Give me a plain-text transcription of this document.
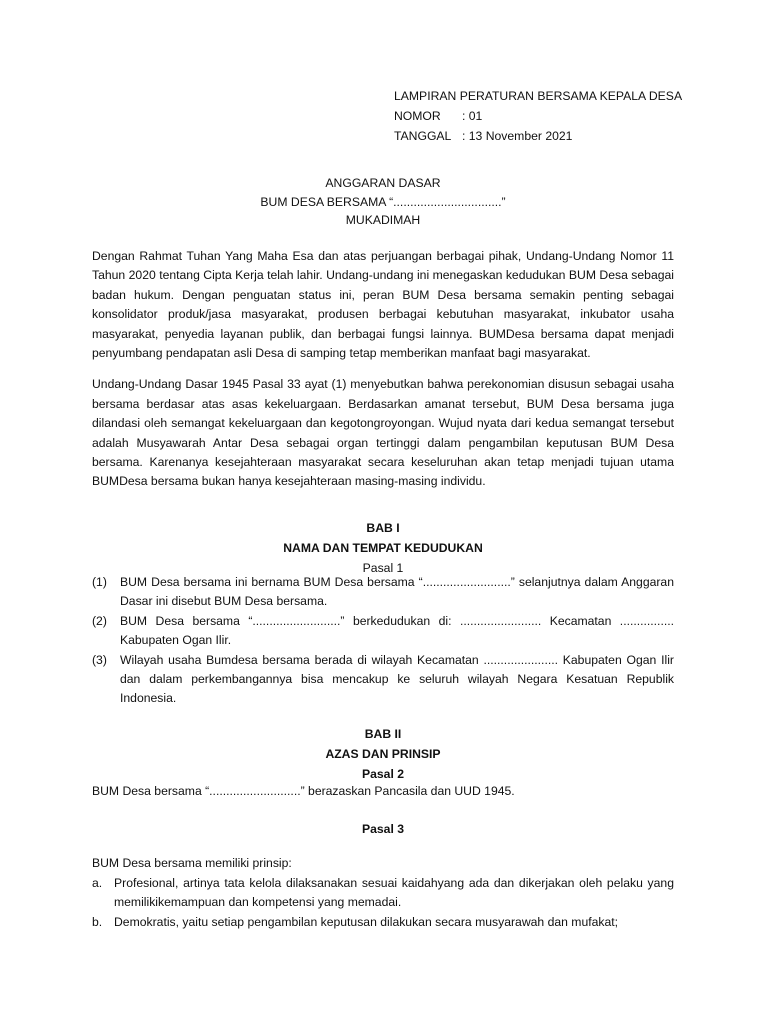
LAMPIRAN PERATURAN BERSAMA KEPALA DESA
NOMOR	: 01
TANGGAL : 13 November 2021
ANGGARAN DASAR
BUM DESA BERSAMA “................................”
MUKADIMAH

Dengan Rahmat Tuhan Yang Maha Esa dan atas perjuangan berbagai pihak, Undang-Undang Nomor 11 Tahun 2020 tentang Cipta Kerja telah lahir. Undang-undang ini menegaskan kedudukan BUM Desa sebagai badan hukum. Dengan penguatan status ini, peran BUM Desa bersama semakin penting sebagai konsolidator produk/jasa masyarakat, produsen berbagai kebutuhan masyarakat, inkubator usaha masyarakat, penyedia layanan publik, dan berbagai fungsi lainnya. BUMDesa bersama dapat menjadi penyumbang pendapatan asli Desa di samping tetap memberikan manfaat bagi masyarakat.

Undang-Undang Dasar 1945 Pasal 33 ayat (1) menyebutkan bahwa perekonomian disusun sebagai usaha bersama berdasar atas asas kekeluargaan. Berdasarkan amanat tersebut, BUM Desa bersama juga dilandasi oleh semangat kekeluargaan dan kegotongroyongan. Wujud nyata dari kedua semangat tersebut adalah Musyawarah Antar Desa sebagai organ tertinggi dalam pengambilan keputusan BUM Desa bersama. Karenanya kesejahteraan masyarakat secara keseluruhan akan tetap menjadi tujuan utama BUMDesa bersama bukan hanya kesejahteraan masing-masing individu.

BAB I
NAMA DAN TEMPAT KEDUDUKAN
Pasal 1
(1)	BUM Desa bersama ini bernama BUM Desa bersama “..........................” selanjutnya dalam Anggaran Dasar ini disebut BUM Desa bersama.
(2)	BUM Desa bersama “..........................” berkedudukan di: ........................ Kecamatan ................ Kabupaten Ogan Ilir.
(3)	Wilayah usaha Bumdesa bersama berada di wilayah Kecamatan ...................... Kabupaten Ogan Ilir dan dalam perkembangannya bisa mencakup ke seluruh wilayah Negara Kesatuan Republik Indonesia.
BAB II
AZAS DAN PRINSIP
Pasal 2
BUM Desa bersama “...........................” berazaskan Pancasila dan UUD 1945.
Pasal 3
BUM Desa bersama memiliki prinsip:
a. Profesional, artinya tata kelola dilaksanakan sesuai kaidahyang ada dan dikerjakan oleh pelaku yang memilikikemampuan dan kompetensi yang memadai.
b. Demokratis, yaitu setiap pengambilan keputusan dilakukan secara musyarawah dan mufakat;
